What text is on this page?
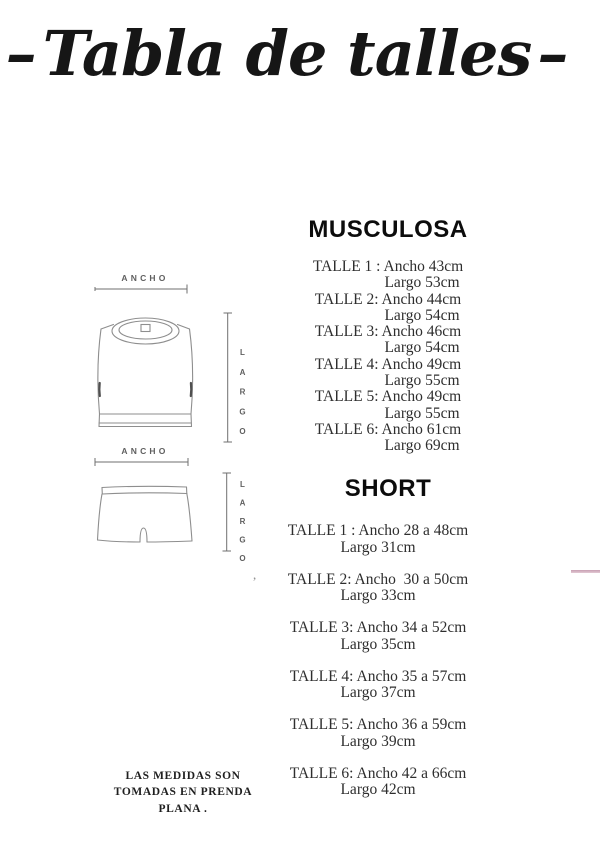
–Tabla de talles–
ANCHO
LARGO
ANCHO
LARGO
MUSCULOSA
TALLE 1 : Ancho 43cm
Largo 53cm
TALLE 2: Ancho 44cm
Largo 54cm
TALLE 3: Ancho 46cm
Largo 54cm
TALLE 4: Ancho 49cm
Largo 55cm
TALLE 5: Ancho 49cm
Largo 55cm
TALLE 6: Ancho 61cm
Largo 69cm
SHORT
TALLE 1 : Ancho 28 a 48cm
Largo 31cm
TALLE 2: Ancho  30 a 50cm
Largo 33cm
TALLE 3: Ancho 34 a 52cm
Largo 35cm
TALLE 4: Ancho 35 a 57cm
Largo 37cm
TALLE 5: Ancho 36 a 59cm
Largo 39cm
TALLE 6: Ancho 42 a 66cm
Largo 42cm
LAS MEDIDAS SON
TOMADAS EN PRENDA
PLANA .
,
